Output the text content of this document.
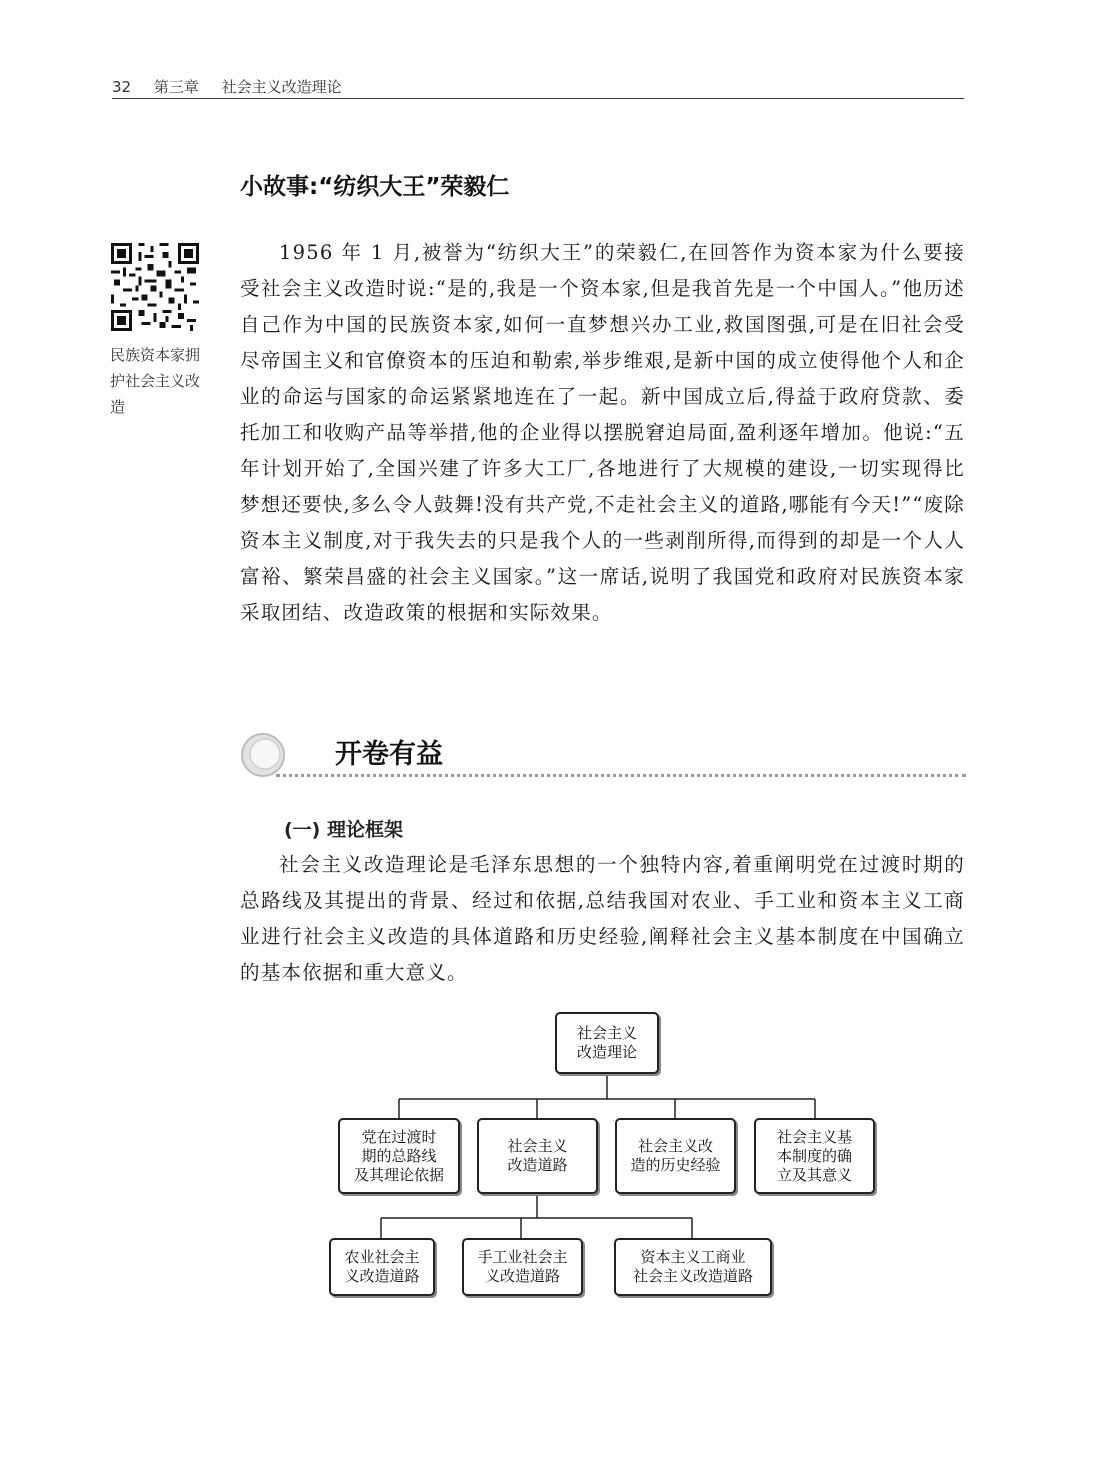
32 第三章 社会主义改造理论
小故事:“纺织大王”荣毅仁
民族资本家拥护社会主义改造

1956 年 1 月,被誉为“纺织大王”的荣毅仁,在回答作为资本家为什么要接受社会主义改造时说:“是的,我是一个资本家,但是我首先是一个中国人。”他历述自己作为中国的民族资本家,如何一直梦想兴办工业,救国图强,可是在旧社会受尽帝国主义和官僚资本的压迫和勒索,举步维艰,是新中国的成立使得他个人和企业的命运与国家的命运紧紧地连在了一起。新中国成立后,得益于政府贷款、委托加工和收购产品等举措,他的企业得以摆脱窘迫局面,盈利逐年增加。他说:“五年计划开始了,全国兴建了许多大工厂,各地进行了大规模的建设,一切实现得比梦想还要快,多么令人鼓舞!没有共产党,不走社会主义的道路,哪能有今天!”“废除资本主义制度,对于我失去的只是我个人的一些剥削所得,而得到的却是一个人人富裕、繁荣昌盛的社会主义国家。”这一席话,说明了我国党和政府对民族资本家采取团结、改造政策的根据和实际效果。

开卷有益
(一) 理论框架

社会主义改造理论是毛泽东思想的一个独特内容,着重阐明党在过渡时期的总路线及其提出的背景、经过和依据,总结我国对农业、手工业和资本主义工商业进行社会主义改造的具体道路和历史经验,阐释社会主义基本制度在中国确立的基本依据和重大意义。

社会主义
改造理论
党在过渡时
期的总路线
及其理论依据
社会主义
改造道路
社会主义改
造的历史经验
社会主义基
本制度的确
立及其意义
农业社会主
义改造道路
手工业社会主
义改造道路
资本主义工商业
社会主义改造道路
